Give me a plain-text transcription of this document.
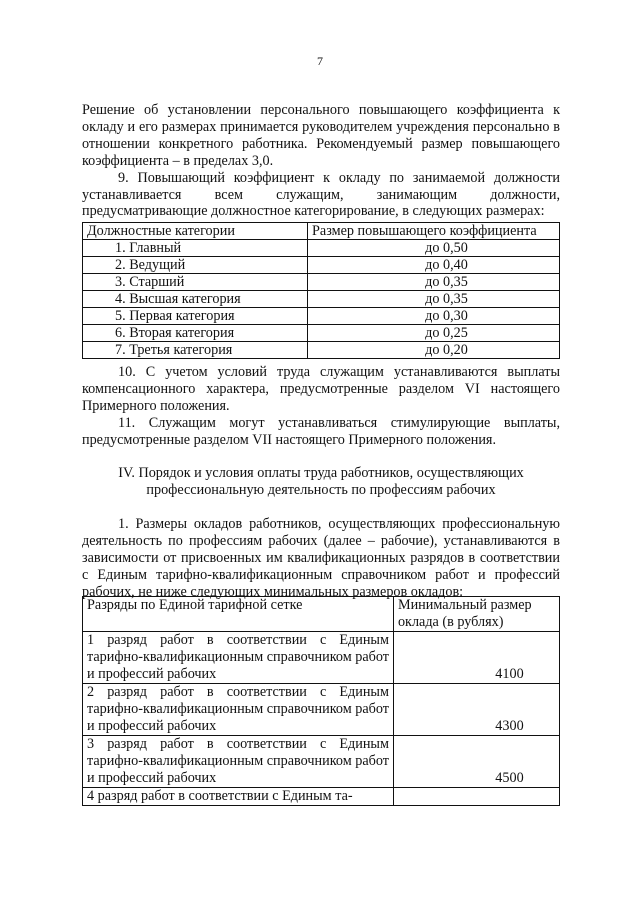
7

Решение об установлении персонального повышающего коэффициента к окладу и его размерах принимается руководителем учреждения персонально в отношении конкретного работника. Рекомендуемый размер повышающего коэффициента – в пределах 3,0.

9. Повышающий коэффициент к окладу по занимаемой должности устанавливается всем служащим, занимающим должности, предусматривающие должностное категорирование, в следующих размерах:

Должностные категории	Размер повышающего коэффициента
1. Главный	до 0,50
2. Ведущий	до 0,40
3. Старший	до 0,35
4. Высшая категория	до 0,35
5. Первая категория	до 0,30
6. Вторая категория	до 0,25
7. Третья категория	до 0,20

10. С учетом условий труда служащим устанавливаются выплаты компенсационного характера, предусмотренные разделом VI настоящего Примерного положения.

11. Служащим могут устанавливаться стимулирующие выплаты, предусмотренные разделом VII настоящего Примерного положения.

IV. Порядок и условия оплаты труда работников, осуществляющих
профессиональную деятельность по профессиям рабочих

1. Размеры окладов работников, осуществляющих профессиональную деятельность по профессиям рабочих (далее – рабочие), устанавливаются в зависимости от присвоенных им квалификационных разрядов в соответствии с Единым тарифно-квалификационным справочником работ и профессий рабочих, не ниже следующих минимальных размеров окладов:

Разряды по Единой тарифной сетке	Минимальный размер оклада (в рублях)
1 разряд работ в соответствии с Единым тарифно-квалификационным справочником работ и профессий рабочих	4100
2 разряд работ в соответствии с Единым тарифно-квалификационным справочником работ и профессий рабочих	4300
3 разряд работ в соответствии с Единым тарифно-квалификационным справочником работ и профессий рабочих	4500
4 разряд работ в соответствии с Единым та-	
